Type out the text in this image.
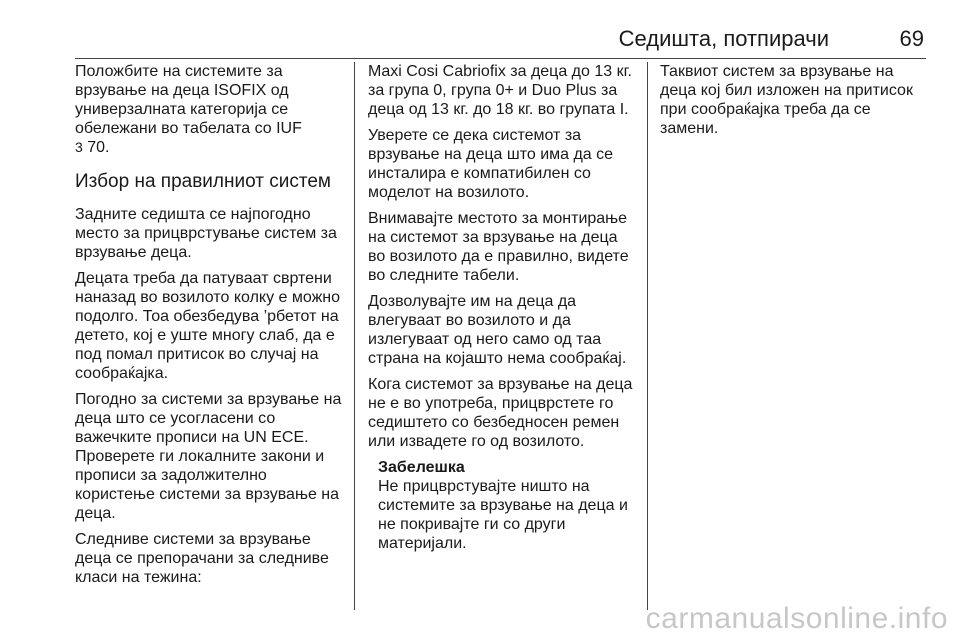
Седишта, потпирачи	69

Положбите на системите за врзување на деца ISOFIX од универзалната категорија се обележани во табелата со IUF
3 70.

Избор на правилниот систем

Задните седишта се најпогодно место за прицврстување систем за врзување деца.

Децата треба да патуваат свртени наназад во возилото колку е можно подолго. Тоа обезбедува ’рбетот на детето, кој е уште многу слаб, да е под помал притисок во случај на сообраќајка.

Погодно за системи за врзување на деца што се усогласени со важечките прописи на UN ECE. Проверете ги локалните закони и прописи за задолжително користење системи за врзување на деца.

Следниве системи за врзување деца се препорачани за следниве класи на тежина:

Maxi Cosi Cabriofix за деца до 13 кг. за група 0, група 0+ и Duo Plus за деца од 13 кг. до 18 кг. во групата I.

Уверете се дека системот за врзување на деца што има да се инсталира е компатибилен со моделот на возилото.

Внимавајте местото за монтирање на системот за врзување на деца во возилото да е правилно, видете во следните табели.

Дозволувајте им на деца да влегуваат во возилото и да излегуваат од него само од таа страна на којашто нема сообраќај.

Кога системот за врзување на деца не е во употреба, прицврстете го седиштето со безбедносен ремен или извадете го од возилото.

Забелешка
Не прицврстувајте ништо на системите за врзување на деца и не покривајте ги со други материјали.

Таквиот систем за врзување на деца кој бил изложен на притисок при сообраќајка треба да се замени.

carmanualsonline.info
